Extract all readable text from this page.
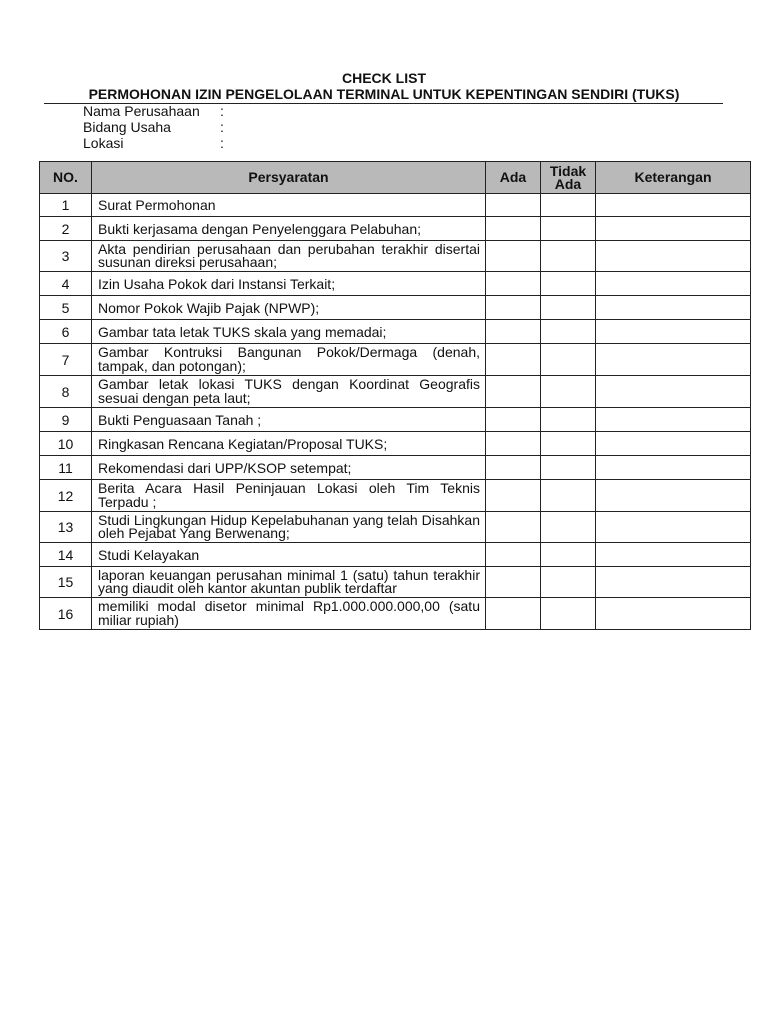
CHECK LIST
PERMOHONAN IZIN PENGELOLAAN TERMINAL UNTUK KEPENTINGAN SENDIRI (TUKS)
Nama Perusahaan :
Bidang Usaha	:
Lokasi	:
NO.	Persyaratan	Ada	Tidak Ada	Keterangan
1	Surat Permohonan			
2	Bukti kerjasama dengan Penyelenggara Pelabuhan;			
3	Akta pendirian perusahaan dan perubahan terakhir disertai susunan direksi perusahaan;			
4	Izin Usaha Pokok dari Instansi Terkait;			
5	Nomor Pokok Wajib Pajak (NPWP);			
6	Gambar tata letak TUKS skala yang memadai;			
7	Gambar Kontruksi Bangunan Pokok/Dermaga (denah, tampak, dan potongan);			
8	Gambar letak lokasi TUKS dengan Koordinat Geografis sesuai dengan peta laut;			
9	Bukti Penguasaan Tanah ;			
10	Ringkasan Rencana Kegiatan/Proposal TUKS;			
11	Rekomendasi dari UPP/KSOP setempat;			
12	Berita Acara Hasil Peninjauan Lokasi oleh Tim Teknis Terpadu ;			
13	Studi Lingkungan Hidup Kepelabuhanan yang telah Disahkan oleh Pejabat Yang Berwenang;			
14	Studi Kelayakan			
15	laporan keuangan perusahan minimal 1 (satu) tahun terakhir yang diaudit oleh kantor akuntan publik terdaftar			
16	memiliki modal disetor minimal Rp1.000.000.000,00 (satu miliar rupiah)			
